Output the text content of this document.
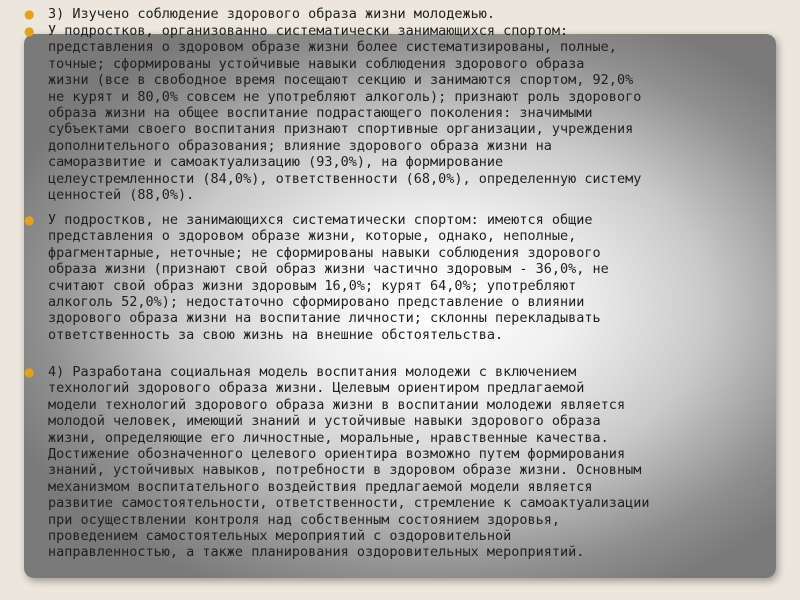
● 3) Изучено соблюдение здорового образа жизни молодежью.
● У подростков, организованно систематически занимающихся спортом:
представления о здоровом образе жизни более систематизированы, полные,
точные; сформированы устойчивые навыки соблюдения здорового образа
жизни (все в свободное время посещают секцию и занимаются спортом, 92,0%
не курят и 80,0% совсем не употребляют алкоголь); признают роль здорового
образа жизни на общее воспитание подрастающего поколения: значимыми
субъектами своего воспитания признают спортивные организации, учреждения
дополнительного образования; влияние здорового образа жизни на
саморазвитие и самоактуализацию (93,0%), на формирование
целеустремленности (84,0%), ответственности (68,0%), определенную систему
ценностей (88,0%).
● У подростков, не занимающихся систематически спортом: имеются общие
представления о здоровом образе жизни, которые, однако, неполные,
фрагментарные, неточные; не сформированы навыки соблюдения здорового
образа жизни (признают свой образ жизни частично здоровым - 36,0%, не
считают свой образ жизни здоровым 16,0%; курят 64,0%; употребляют
алкоголь 52,0%); недостаточно сформировано представление о влиянии
здорового образа жизни на воспитание личности; склонны перекладывать
ответственность за свою жизнь на внешние обстоятельства.
● 4) Разработана социальная модель воспитания молодежи с включением
технологий здорового образа жизни. Целевым ориентиром предлагаемой
модели технологий здорового образа жизни в воспитании молодежи является
молодой человек, имеющий знаний и устойчивые навыки здорового образа
жизни, определяющие его личностные, моральные, нравственные качества.
Достижение обозначенного целевого ориентира возможно путем формирования
знаний, устойчивых навыков, потребности в здоровом образе жизни. Основным
механизмом воспитательного воздействия предлагаемой модели является
развитие самостоятельности, ответственности, стремление к самоактуализации
при осуществлении контроля над собственным состоянием здоровья,
проведением самостоятельных мероприятий с оздоровительной
направленностью, а также планирования оздоровительных мероприятий.
